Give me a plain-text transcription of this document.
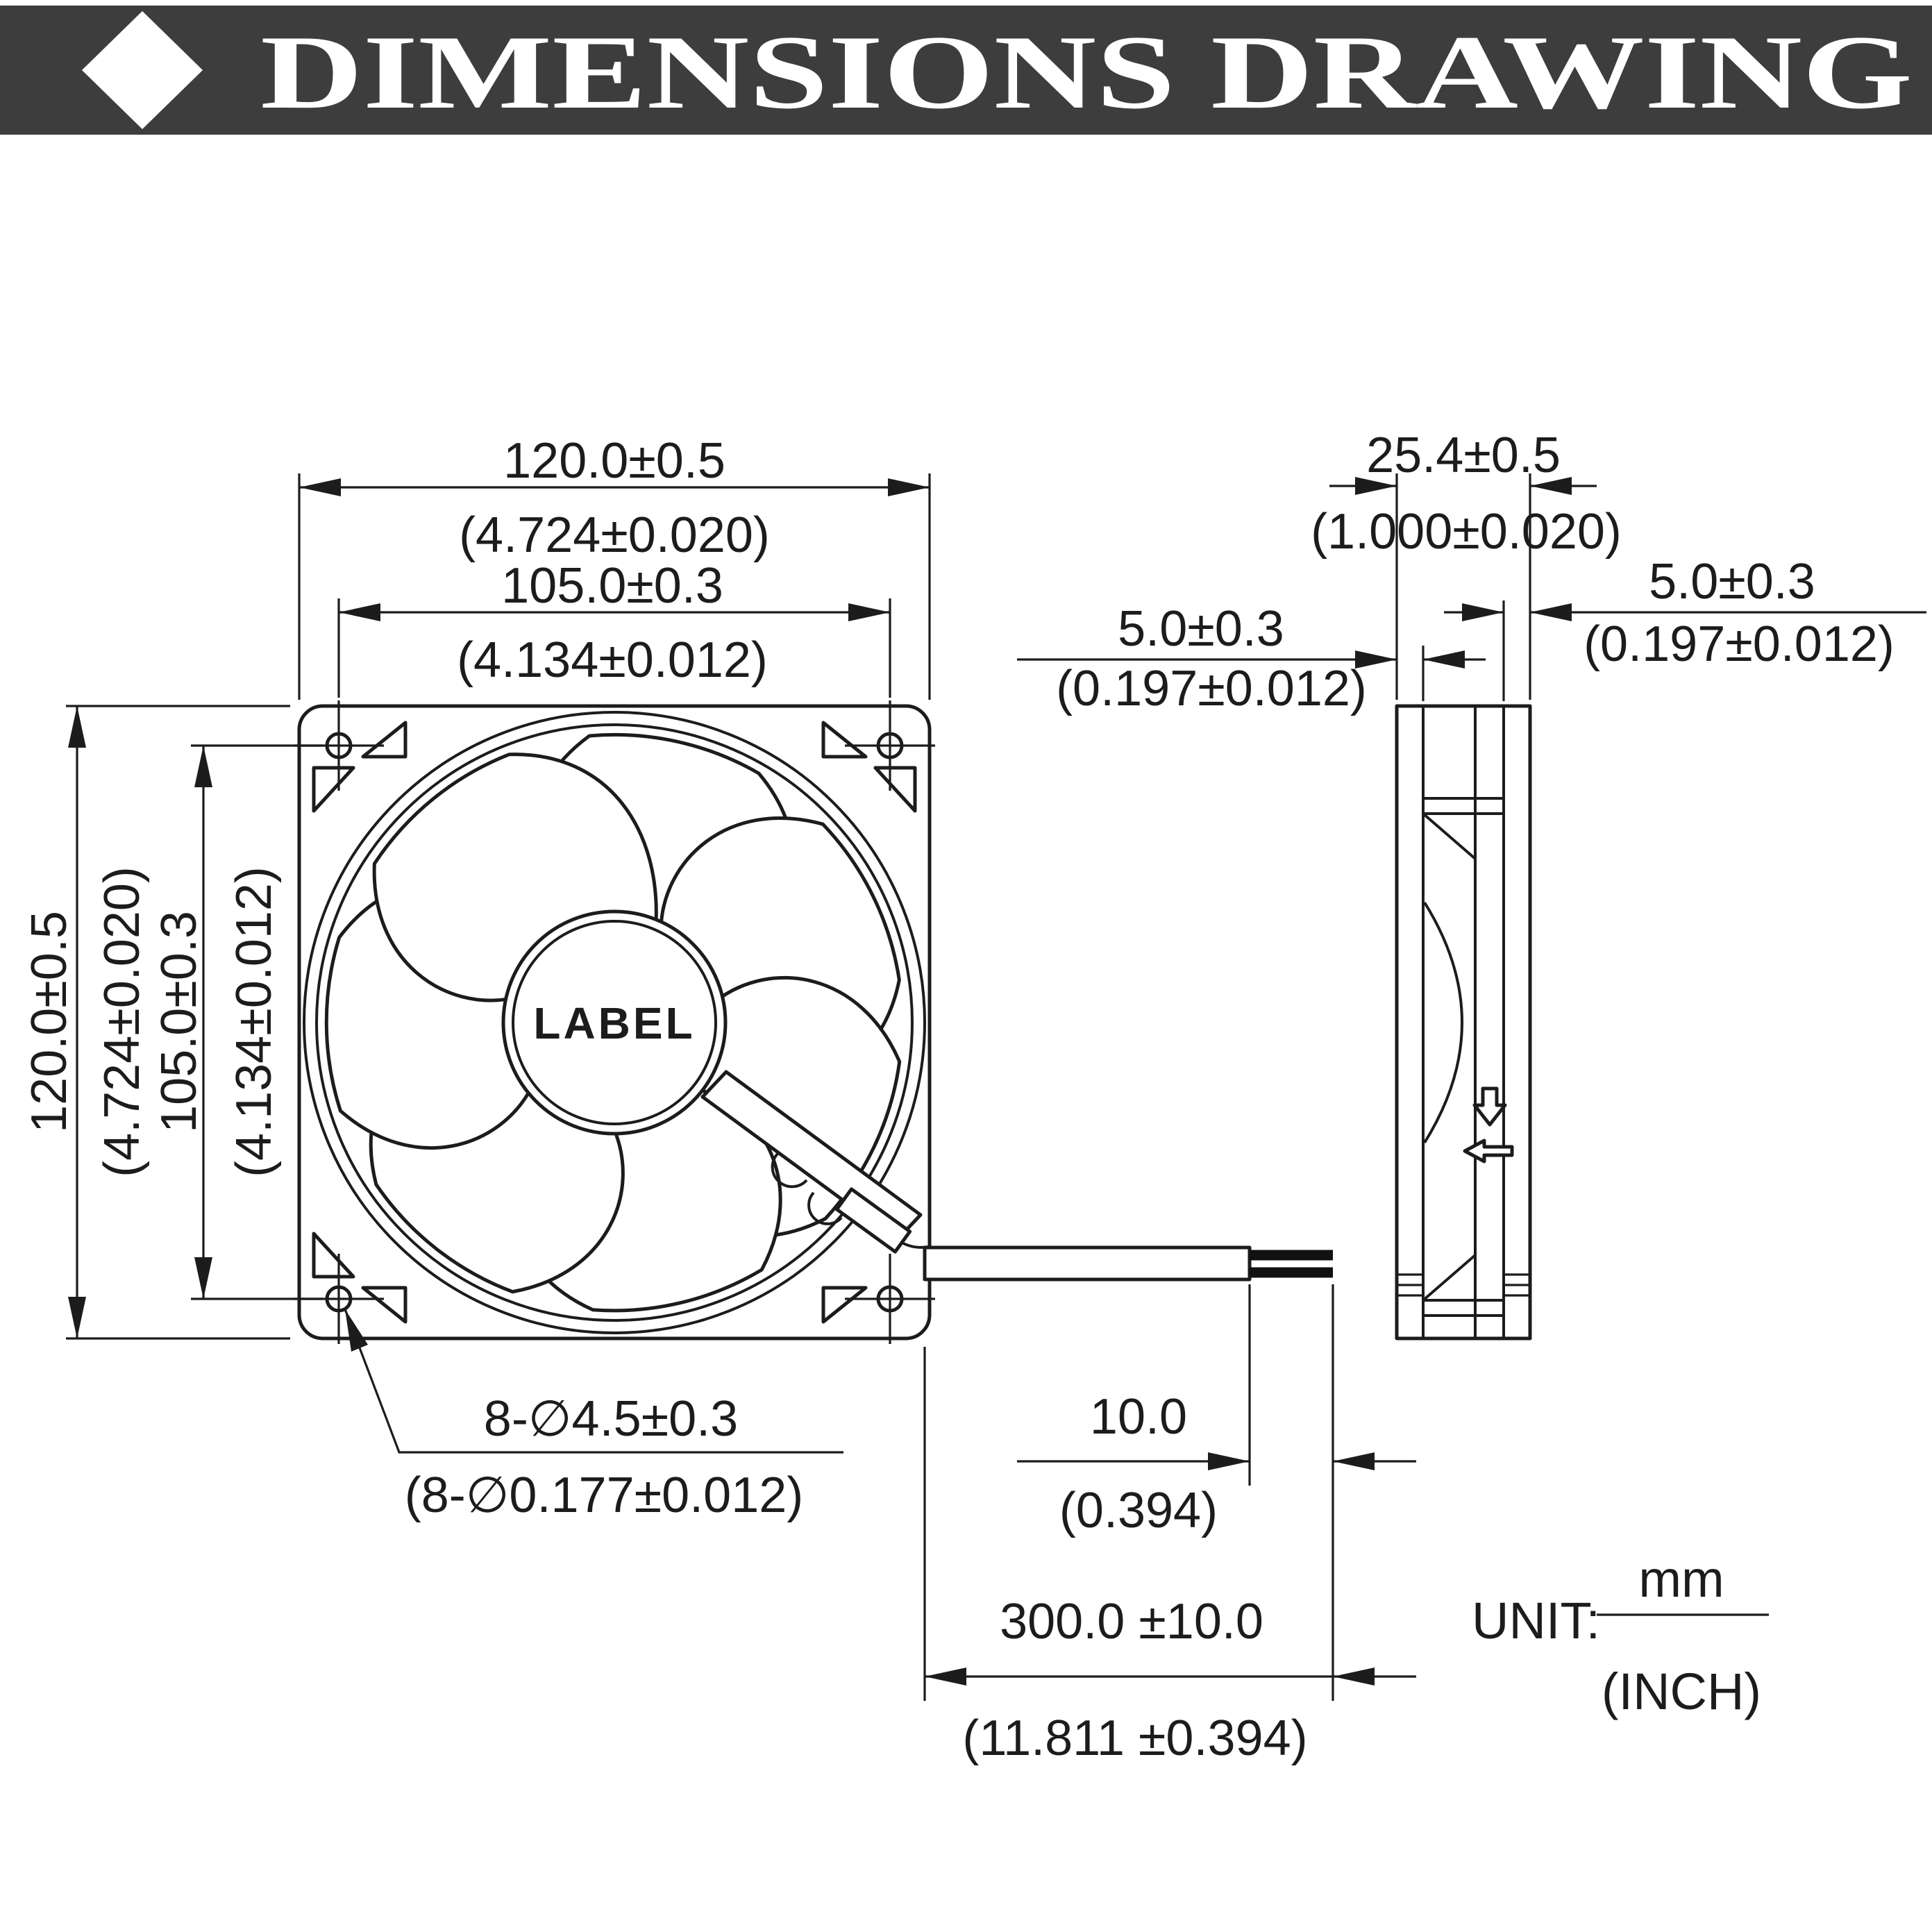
DIMENSIONS DRAWING
LABEL
120.0±0.5
(4.724±0.020)
105.0±0.3
(4.134±0.012)
120.0±0.5 (4.724±0.020) 105.0±0.3 (4.134±0.012)
8-∅4.5±0.3
(8-∅0.177±0.012)
10.0
(0.394)
300.0 ±10.0
(11.811 ±0.394)
25.4±0.5
(1.000±0.020)
5.0±0.3
(0.197±0.012)
5.0±0.3
(0.197±0.012)
UNIT:
mm
(INCH)
